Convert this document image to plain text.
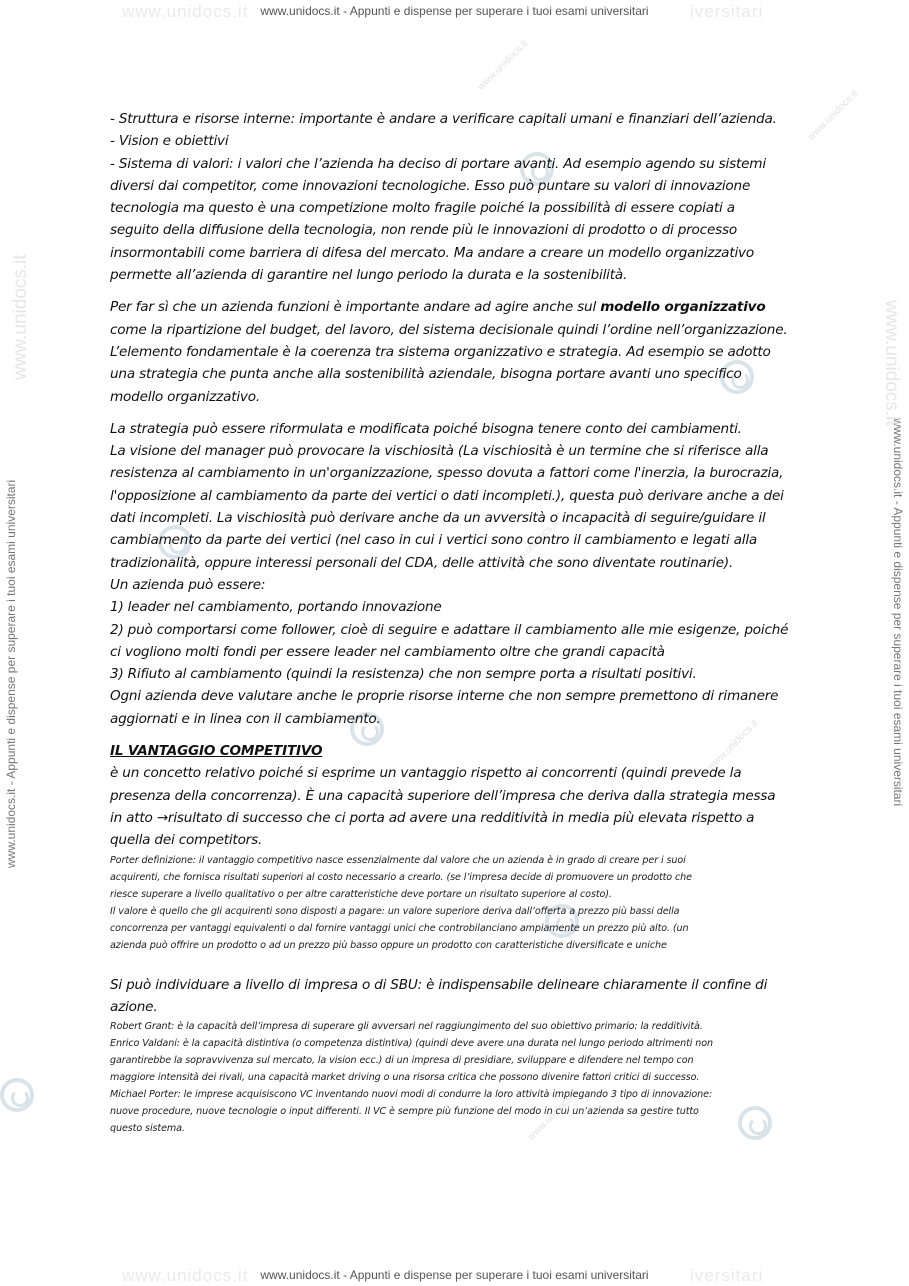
www.unidocs.it	iversitari
www.unidocs.it - Appunti e dispense per superare i tuoi esami universitari
www.unidocs.it	iversitari
www.unidocs.it - Appunti e dispense per superare i tuoi esami universitari
www.unidocs.it - Appunti e dispense per superare i tuoi esami universitari	www.unidocs.it - Appunti e dispense per superare i tuoi esami universitari
www.unidocs.it	www.unidocs.it
www.unidocs.it
www.unidocs.it
www.unidocs.it
www.unidocs.it
www.unidocs.it

- Struttura e risorse interne: importante è andare a verificare capitali umani e finanziari dell’azienda.
- Vision e obiettivi
- Sistema di valori: i valori che l’azienda ha deciso di portare avanti. Ad esempio agendo su sistemi
diversi dai competitor, come innovazioni tecnologiche. Esso può puntare su valori di innovazione
tecnologia ma questo è una competizione molto fragile poiché la possibilità di essere copiati a
seguito della diffusione della tecnologia, non rende più le innovazioni di prodotto o di processo
insormontabili come barriera di difesa del mercato. Ma andare a creare un modello organizzativo
permette all’azienda di garantire nel lungo periodo la durata e la sostenibilità.

Per far sì che un azienda funzioni è importante andare ad agire anche sul modello organizzativo
come la ripartizione del budget, del lavoro, del sistema decisionale quindi l’ordine nell’organizzazione.
L’elemento fondamentale è la coerenza tra sistema organizzativo e strategia. Ad esempio se adotto
una strategia che punta anche alla sostenibilità aziendale, bisogna portare avanti uno specifico
modello organizzativo.

La strategia può essere riformulata e modificata poiché bisogna tenere conto dei cambiamenti.
La visione del manager può provocare la vischiosità (La vischiosità è un termine che si riferisce alla
resistenza al cambiamento in un'organizzazione, spesso dovuta a fattori come l'inerzia, la burocrazia,
l'opposizione al cambiamento da parte dei vertici o dati incompleti.), questa può derivare anche a dei
dati incompleti. La vischiosità può derivare anche da un avversità o incapacità di seguire/guidare il
cambiamento da parte dei vertici (nel caso in cui i vertici sono contro il cambiamento e legati alla
tradizionalità, oppure interessi personali del CDA, delle attività che sono diventate routinarie).
Un azienda può essere:
1) leader nel cambiamento, portando innovazione
2) può comportarsi come follower, cioè di seguire e adattare il cambiamento alle mie esigenze, poiché
ci vogliono molti fondi per essere leader nel cambiamento oltre che grandi capacità
3) Rifiuto al cambiamento (quindi la resistenza) che non sempre porta a risultati positivi.
Ogni azienda deve valutare anche le proprie risorse interne che non sempre premettono di rimanere
aggiornati e in linea con il cambiamento.

IL VANTAGGIO COMPETITIVO
è un concetto relativo poiché si esprime un vantaggio rispetto ai concorrenti (quindi prevede la
presenza della concorrenza). È una capacità superiore dell’impresa che deriva dalla strategia messa
in atto →risultato di successo che ci porta ad avere una redditività in media più elevata rispetto a
quella dei competitors.

Porter definizione: il vantaggio competitivo nasce essenzialmente dal valore che un azienda è in grado di creare per i suoi
acquirenti, che fornisca risultati superiori al costo necessario a crearlo. (se l’impresa decide di promuovere un prodotto che
riesce superare a livello qualitativo o per altre caratteristiche deve portare un risultato superiore al costo).
Il valore è quello che gli acquirenti sono disposti a pagare: un valore superiore deriva dall’offerta a prezzo più bassi della
concorrenza per vantaggi equivalenti o dal fornire vantaggi unici che controbilanciano ampiamente un prezzo più alto. (un
azienda può offrire un prodotto o ad un prezzo più basso oppure un prodotto con caratteristiche diversificate e uniche

Si può individuare a livello di impresa o di SBU: è indispensabile delineare chiaramente il confine di
azione.

Robert Grant: è la capacità dell’impresa di superare gli avversari nel raggiungimento del suo obiettivo primario: la redditività.
Enrico Valdani: è la capacità distintiva (o competenza distintiva) (quindi deve avere una durata nel lungo periodo altrimenti non
garantirebbe la sopravvivenza sul mercato, la vision ecc.) di un impresa di presidiare, sviluppare e difendere nel tempo con
maggiore intensità dei rivali, una capacità market driving o una risorsa critica che possono divenire fattori critici di successo.
Michael Porter: le imprese acquisiscono VC inventando nuovi modi di condurre la loro attività impiegando 3 tipo di innovazione:
nuove procedure, nuove tecnologie o input differenti. Il VC è sempre più funzione del modo in cui un’azienda sa gestire tutto
questo sistema.
